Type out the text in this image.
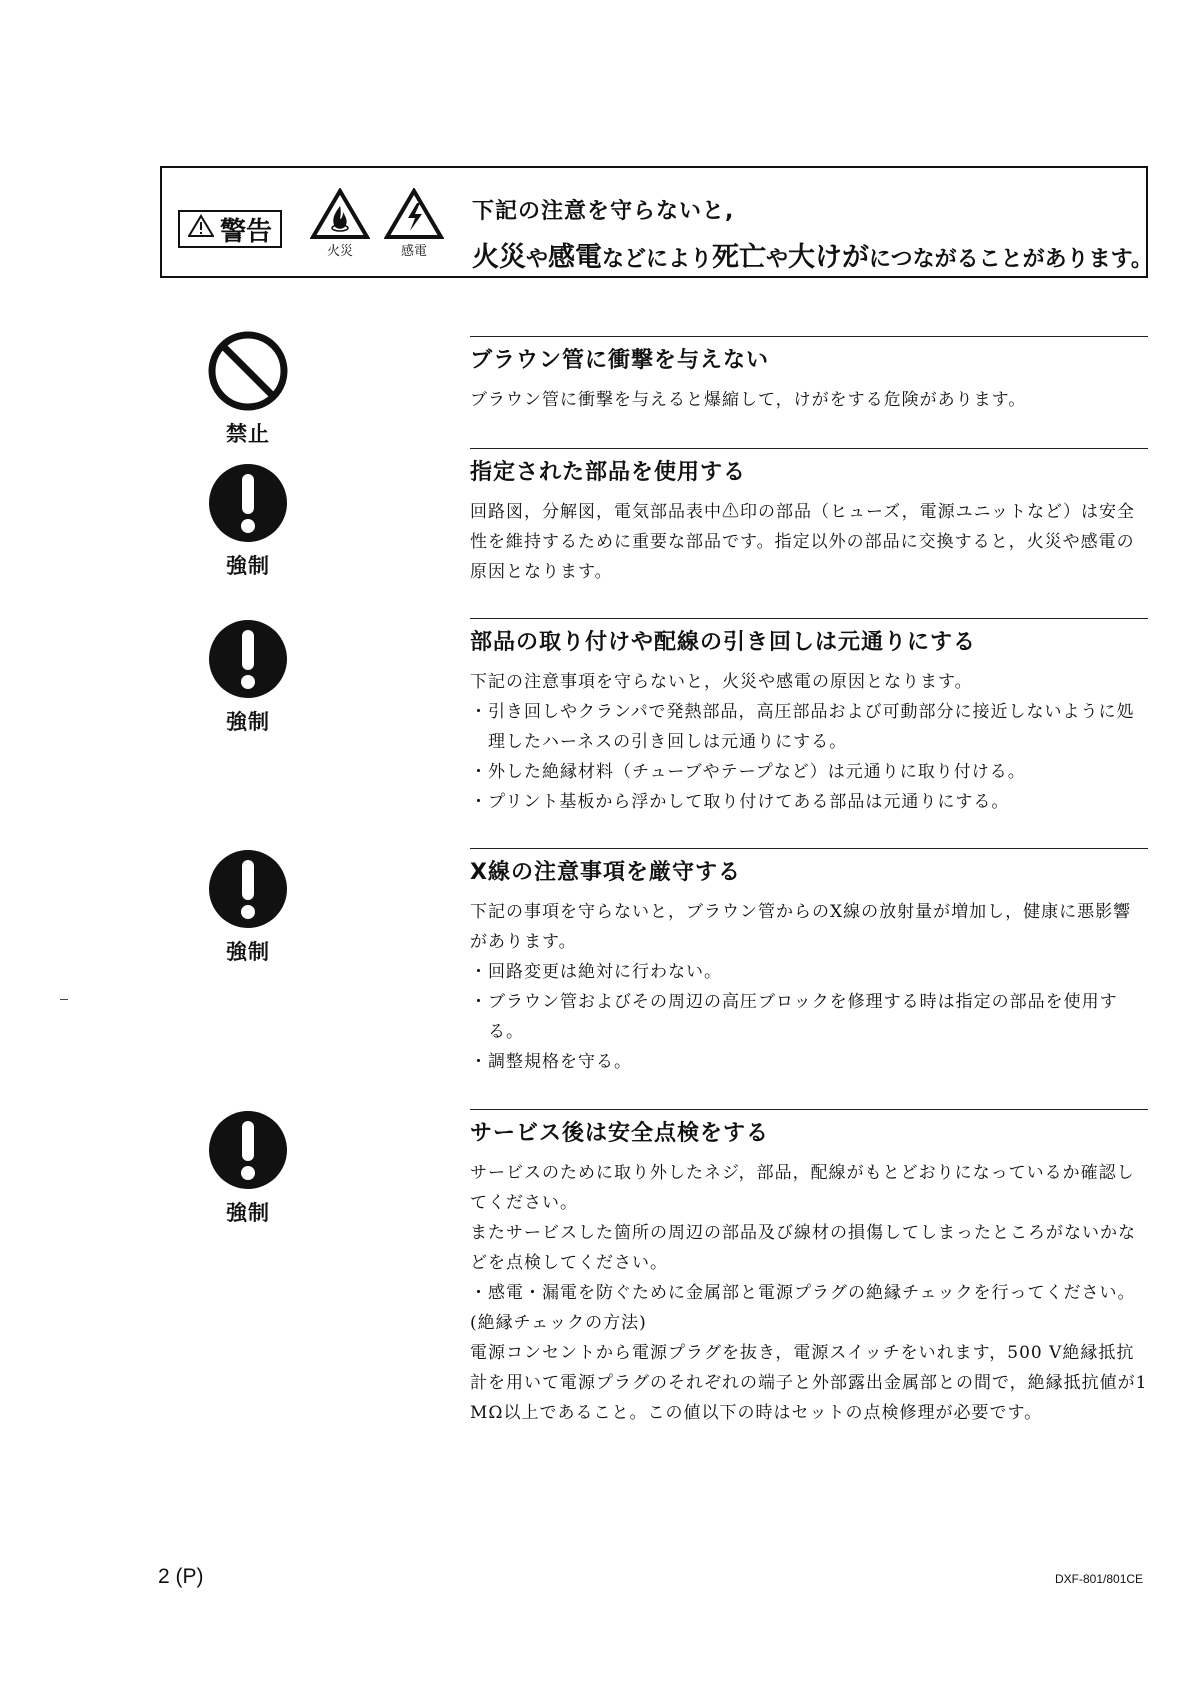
警告
火災	感電
下記の注意を守らないと,
火災や感電などにより死亡や大けがにつながることがあります。
禁止
強制
強制
強制
強制
ブラウン管に衝撃を与えない

ブラウン管に衝撃を与えると爆縮して，けがをする危険があります。

指定された部品を使用する

回路図，分解図，電気部品表中⚠印の部品（ヒューズ，電源ユニットなど）は安全性を維持するために重要な部品です。指定以外の部品に交換すると，火災や感電の原因となります。

部品の取り付けや配線の引き回しは元通りにする

下記の注意事項を守らないと，火災や感電の原因となります。

・引き回しやクランパで発熱部品，高圧部品および可動部分に接近しないように処理したハーネスの引き回しは元通りにする。

・外した絶縁材料（チューブやテープなど）は元通りに取り付ける。

・プリント基板から浮かして取り付けてある部品は元通りにする。

X線の注意事項を厳守する

下記の事項を守らないと，ブラウン管からのX線の放射量が増加し，健康に悪影響があります。

・回路変更は絶対に行わない。

・ブラウン管およびその周辺の高圧ブロックを修理する時は指定の部品を使用する。

・調整規格を守る。

サービス後は安全点検をする

サービスのために取り外したネジ，部品，配線がもとどおりになっているか確認してください。

またサービスした箇所の周辺の部品及び線材の損傷してしまったところがないかなどを点検してください。

・感電・漏電を防ぐために金属部と電源プラグの絶縁チェックを行ってください。

(絶縁チェックの方法)

電源コンセントから電源プラグを抜き，電源スイッチをいれます，500 V絶縁抵抗計を用いて電源プラグのそれぞれの端子と外部露出金属部との間で，絶縁抵抗値が1 MΩ以上であること。この値以下の時はセットの点検修理が必要です。

2 (P)	DXF-801/801CE
